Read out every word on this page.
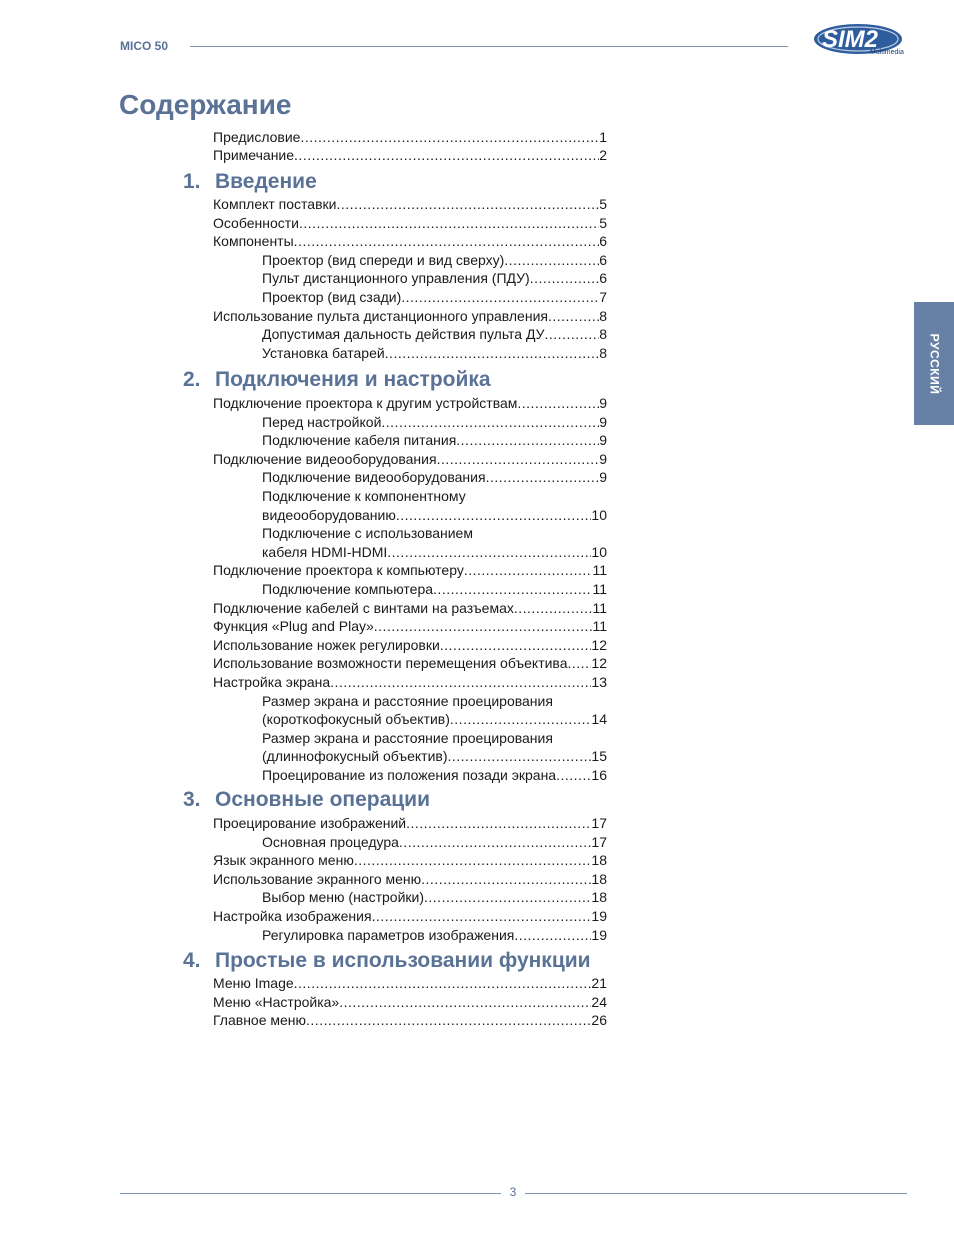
MICO 50	SIM2
Multimedia
РУССКИЙ
Содержание
Предисловие .....	1
Примечание .....	2
1. Введение
Комплект поставки .....	5
Особенности .....	5
Компоненты .....	6
Проектор (вид спереди и вид сверху) .....	6
Пульт дистанционного управления (ПДУ) .....	6
Проектор (вид сзади) .....	7
Использование пульта дистанционного управления .....	8
Допустимая дальность действия пульта ДУ .....	8
Установка батарей .....	8
2. Подключения и настройка
Подключение проектора к другим устройствам .....	9
Перед настройкой .....	9
Подключение кабеля питания .....	9
Подключение видеооборудования .....	9
Подключение видеооборудования .....	9
Подключение к компонентному
видеооборудованию .....	10
Подключение с использованием
кабеля HDMI-HDMI .....	10
Подключение проектора к компьютеру .....	11
Подключение компьютера .....	11
Подключение кабелей с винтами на разъемах .....	11
Функция «Plug and Play» .....	11
Использование ножек регулировки .....	12
Использование возможности перемещения объектива ..... 12
Настройка экрана .....	13
Размер экрана и расстояние проецирования
(короткофокусный объектив) .....	14
Размер экрана и расстояние проецирования
(длиннофокусный объектив) .....	15
Проецирование из положения позади экрана .....	16
3. Основные операции
Проецирование изображений .....	17
Основная процедура .....	17
Язык экранного меню .....	18
Использование экранного меню .....	18
Выбор меню (настройки) .....	18
Настройка изображения .....	19
Регулировка параметров изображения .....	19
4. Простые в использовании функции
Меню Image .....	21
Меню «Настройка» .....	24
Главное меню .....	26
3
